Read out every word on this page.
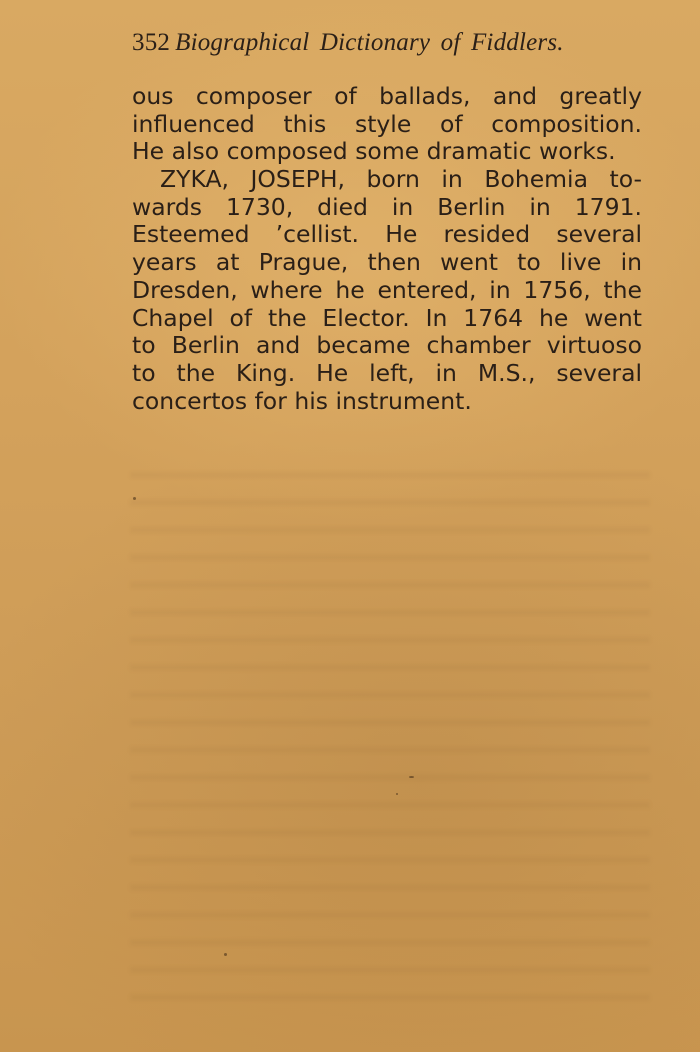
352 Biographical Dictionary of Fiddlers.
ous composer of ballads, and greatly
influenced this style of composition.
He also composed some dramatic works.
ZYKA, JOSEPH, born in Bohemia to-
wards 1730, died in Berlin in 1791.
Esteemed ’cellist. He resided several
years at Prague, then went to live in
Dresden, where he entered, in 1756, the
Chapel of the Elector. In 1764 he went
to Berlin and became chamber virtuoso
to the King. He left, in M.S., several
concertos for his instrument.
